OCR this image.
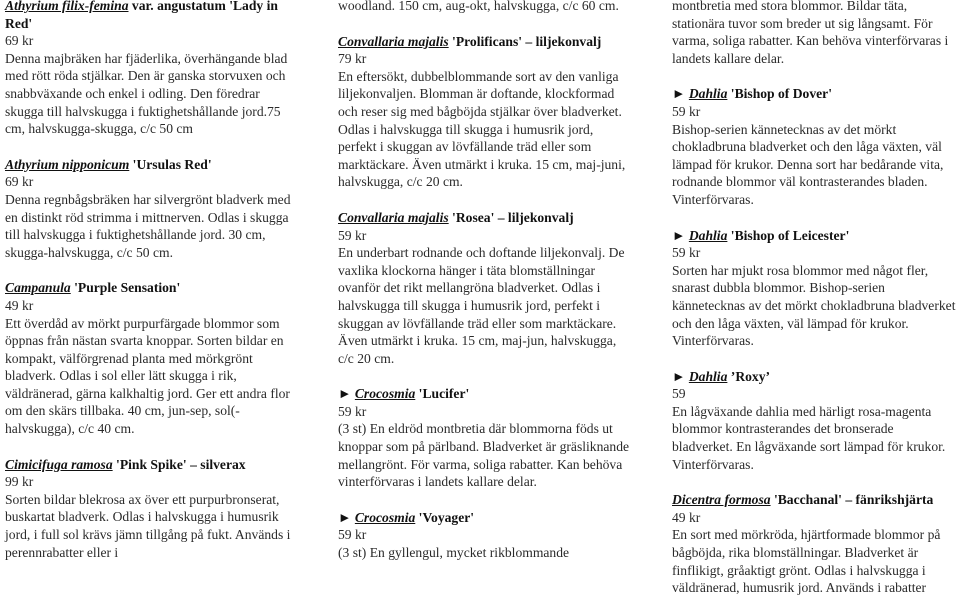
Athyrium filix-femina var. angustatum 'Lady in Red'
69 kr
Denna majbräken har fjäderlika, överhängande blad med rött röda stjälkar. Den är ganska storvuxen och snabbväxande och enkel i odling. Den föredrar skugga till halvskugga i fuktighetshållande jord.75 cm, halvskugga-skugga, c/c 50 cm
Athyrium nipponicum 'Ursulas Red'
69 kr
Denna regnbågsbräken har silvergrönt bladverk med en distinkt röd strimma i mittnerven. Odlas i skugga till halvskugga i fuktighetshållande jord. 30 cm, skugga-halvskugga, c/c 50 cm.
Campanula 'Purple Sensation'
49 kr
Ett överdåd av mörkt purpurfärgade blommor som öppnas från nästan svarta knoppar. Sorten bildar en kompakt, välförgrenad planta med mörkgrönt bladverk. Odlas i sol eller lätt skugga i rik, väldränerad, gärna kalkhaltig jord. Ger ett andra flor om den skärs tillbaka. 40 cm, jun-sep, sol(-halvskugga), c/c 40 cm.
Cimicifuga ramosa 'Pink Spike' – silverax
99 kr
Sorten bildar blekrosa ax över ett purpurbronserat, buskartat bladverk. Odlas i halvskugga i humusrik jord, i full sol krävs jämn tillgång på fukt. Används i perennrabatter eller i
woodland. 150 cm, aug-okt, halvskugga, c/c 60 cm.
Convallaria majalis 'Prolificans' – liljekonvalj
79 kr
En eftersökt, dubbelblommande sort av den vanliga liljekonvaljen. Blomman är doftande, klockformad och reser sig med bågböjda stjälkar över bladverket. Odlas i halvskugga till skugga i humusrik jord, perfekt i skuggan av lövfällande träd eller som marktäckare. Även utmärkt i kruka. 15 cm, maj-juni, halvskugga, c/c 20 cm.
Convallaria majalis 'Rosea' – liljekonvalj
59 kr
En underbart rodnande och doftande liljekonvalj. De vaxlika klockorna hänger i täta blomställningar ovanför det rikt mellangröna bladverket. Odlas i halvskugga till skugga i humusrik jord, perfekt i skuggan av lövfällande träd eller som marktäckare. Även utmärkt i kruka. 15 cm, maj-jun, halvskugga, c/c 20 cm.
► Crocosmia 'Lucifer'
59 kr
(3 st) En eldröd montbretia där blommorna föds ut knoppar som på pärlband. Bladverket är gräsliknande mellangrönt. För varma, soliga rabatter. Kan behöva vinterförvaras i landets kallare delar.
► Crocosmia 'Voyager'
59 kr
(3 st) En gyllengul, mycket rikblommande
montbretia med stora blommor. Bildar täta, stationära tuvor som breder ut sig långsamt. För varma, soliga rabatter. Kan behöva vinterförvaras i landets kallare delar.
► Dahlia 'Bishop of Dover'
59 kr
Bishop-serien kännetecknas av det mörkt chokladbruna bladverket och den låga växten, väl lämpad för krukor. Denna sort har bedårande vita, rodnande blommor väl kontrasterandes bladen. Vinterförvaras.
► Dahlia 'Bishop of Leicester'
59 kr
Sorten har mjukt rosa blommor med något fler, snarast dubbla blommor. Bishop-serien kännetecknas av det mörkt chokladbruna bladverket och den låga växten, väl lämpad för krukor. Vinterförvaras.
► Dahlia ’Roxy’
59
En lågväxande dahlia med härligt rosa-magenta blommor kontrasterandes det bronserade bladverket. En lågväxande sort lämpad för krukor. Vinterförvaras.
Dicentra formosa 'Bacchanal' – fänrikshjärta
49 kr
En sort med mörkröda, hjärtformade blommor på bågböjda, rika blomställningar. Bladverket är finflikigt, gråaktigt grönt. Odlas i halvskugga i väldränerad, humusrik jord. Används i rabatter
